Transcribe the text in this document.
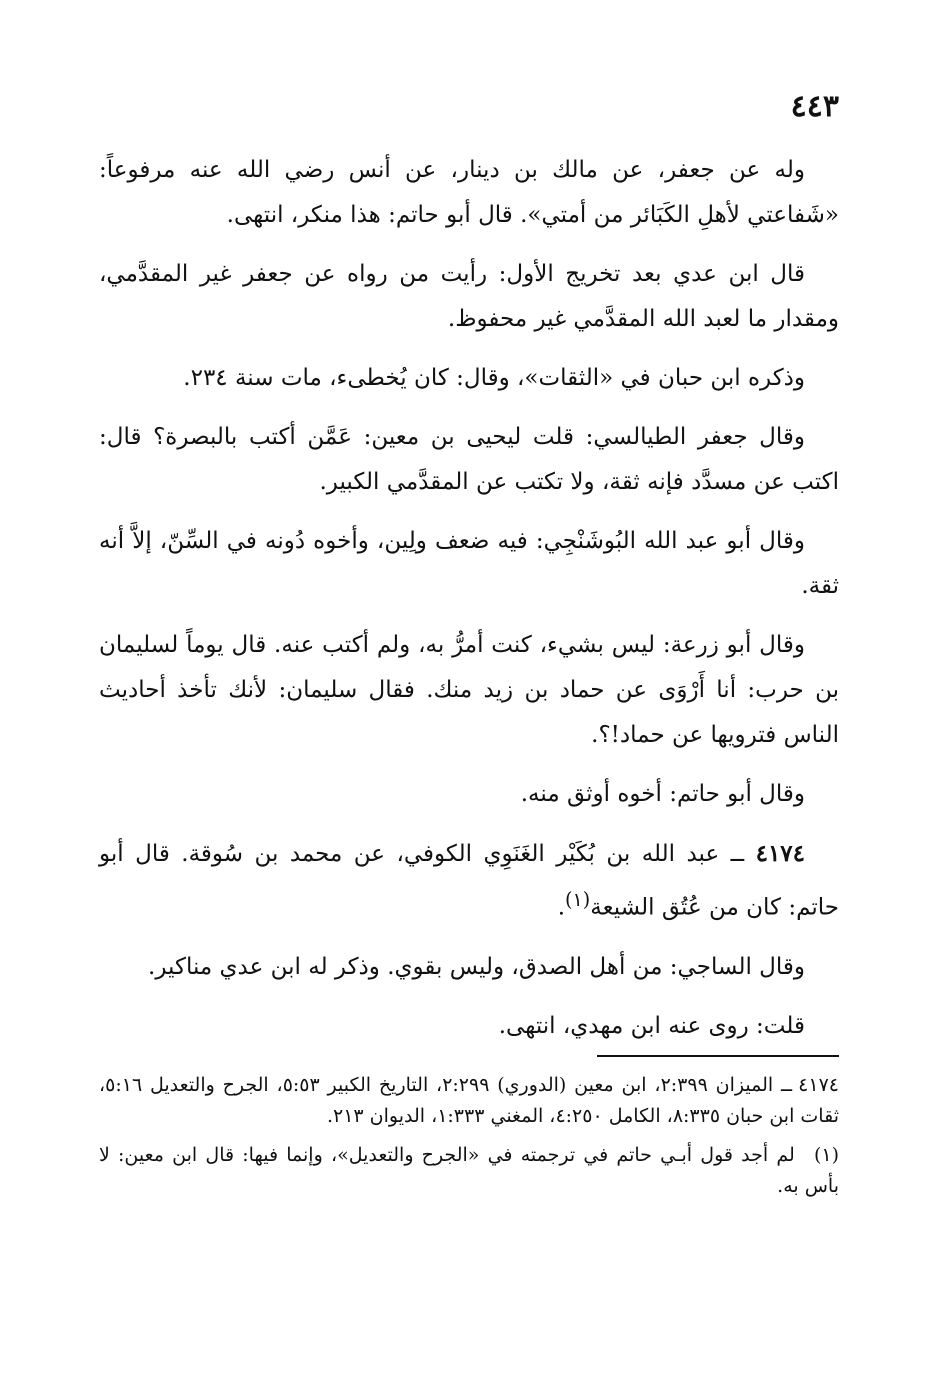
٤٤٣

وله عن جعفر، عن مالك بن دينار، عن أنس رضي الله عنه مرفوعاً: «شَفاعتي لأهلِ الكَبَائر من أمتي». قال أبو حاتم: هذا منكر، انتهى.

قال ابن عدي بعد تخريج الأول: رأيت من رواه عن جعفر غير المقدَّمي، ومقدار ما لعبد الله المقدَّمي غير محفوظ.

وذكره ابن حبان في «الثقات»، وقال: كان يُخطىء، مات سنة ٢٣٤.

وقال جعفر الطيالسي: قلت ليحيى بن معين: عَمَّن أكتب بالبصرة؟ قال: اكتب عن مسدَّد فإنه ثقة، ولا تكتب عن المقدَّمي الكبير.

وقال أبو عبد الله البُوشَنْجِي: فيه ضعف ولِين، وأخوه دُونه في السِّنّ، إلاَّ أنه ثقة.

وقال أبو زرعة: ليس بشيء، كنت أمرُّ به، ولم أكتب عنه. قال يوماً لسليمان بن حرب: أنا أَرْوَى عن حماد بن زيد منك. فقال سليمان: لأنك تأخذ أحاديث الناس فترويها عن حماد!؟.

وقال أبو حاتم: أخوه أوثق منه.

٤١٧٤ ــ عبد الله بن بُكَيْر الغَنَوِي الكوفي، عن محمد بن سُوقة. قال أبو حاتم: كان من عُتُق الشيعة$^{(١)}$.

وقال الساجي: من أهل الصدق، وليس بقوي. وذكر له ابن عدي مناكير.

قلت: روى عنه ابن مهدي، انتهى.

٤١٧٤ ــ الميزان ٢:٣٩٩، ابن معين (الدوري) ٢:٢٩٩، التاريخ الكبير ٥:٥٣، الجرح والتعديل ٥:١٦، ثقات ابن حبان ٨:٣٣٥، الكامل ٤:٢٥٠، المغني ١:٣٣٣، الديوان ٢١٣.

(١) لم أجد قول أبـي حاتم في ترجمته في «الجرح والتعديل»، وإنما فيها: قال ابن معين: لا بأس به.
